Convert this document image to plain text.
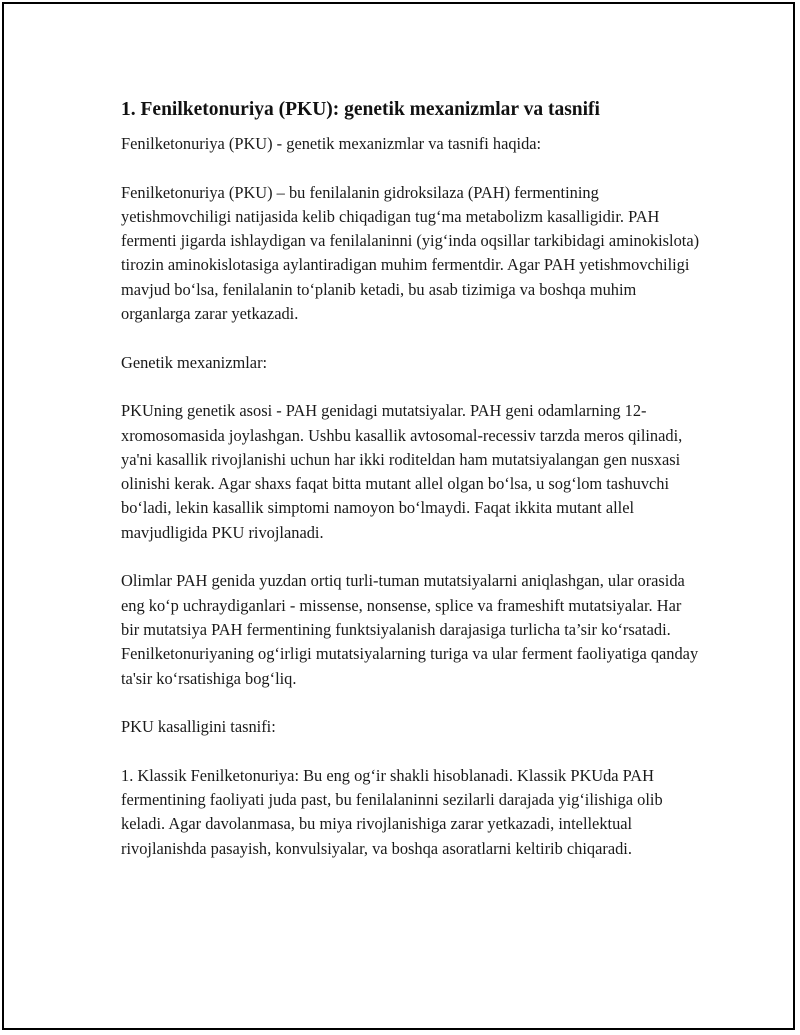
1. Fenilketonuriya (PKU): genetik mexanizmlar va tasnifi

Fenilketonuriya (PKU) - genetik mexanizmlar va tasnifi haqida:

Fenilketonuriya (PKU) – bu fenilalanin gidroksilaza (PAH) fermentining yetishmovchiligi natijasida kelib chiqadigan tug‘ma metabolizm kasalligidir. PAH fermenti jigarda ishlaydigan va fenilalaninni (yig‘inda oqsillar tarkibidagi aminokislota) tirozin aminokislotasiga aylantiradigan muhim fermentdir. Agar PAH yetishmovchiligi mavjud bo‘lsa, fenilalanin to‘planib ketadi, bu asab tizimiga va boshqa muhim organlarga zarar yetkazadi.

Genetik mexanizmlar:

PKUning genetik asosi - PAH genidagi mutatsiyalar. PAH geni odamlarning 12-xromosomasida joylashgan. Ushbu kasallik avtosomal-recessiv tarzda meros qilinadi, ya'ni kasallik rivojlanishi uchun har ikki roditeldan ham mutatsiyalangan gen nusxasi olinishi kerak. Agar shaxs faqat bitta mutant allel olgan bo‘lsa, u sog‘lom tashuvchi bo‘ladi, lekin kasallik simptomi namoyon bo‘lmaydi. Faqat ikkita mutant allel mavjudligida PKU rivojlanadi.

Olimlar PAH genida yuzdan ortiq turli-tuman mutatsiyalarni aniqlashgan, ular orasida eng ko‘p uchraydiganlari - missense, nonsense, splice va frameshift mutatsiyalar. Har bir mutatsiya PAH fermentining funktsiyalanish darajasiga turlicha ta’sir ko‘rsatadi. Fenilketonuriyaning og‘irligi mutatsiyalarning turiga va ular ferment faoliyatiga qanday ta'sir ko‘rsatishiga bog‘liq.

PKU kasalligini tasnifi:

1. Klassik Fenilketonuriya: Bu eng og‘ir shakli hisoblanadi. Klassik PKUda PAH fermentining faoliyati juda past, bu fenilalaninni sezilarli darajada yig‘ilishiga olib keladi. Agar davolanmasa, bu miya rivojlanishiga zarar yetkazadi, intellektual rivojlanishda pasayish, konvulsiyalar, va boshqa asoratlarni keltirib chiqaradi.
